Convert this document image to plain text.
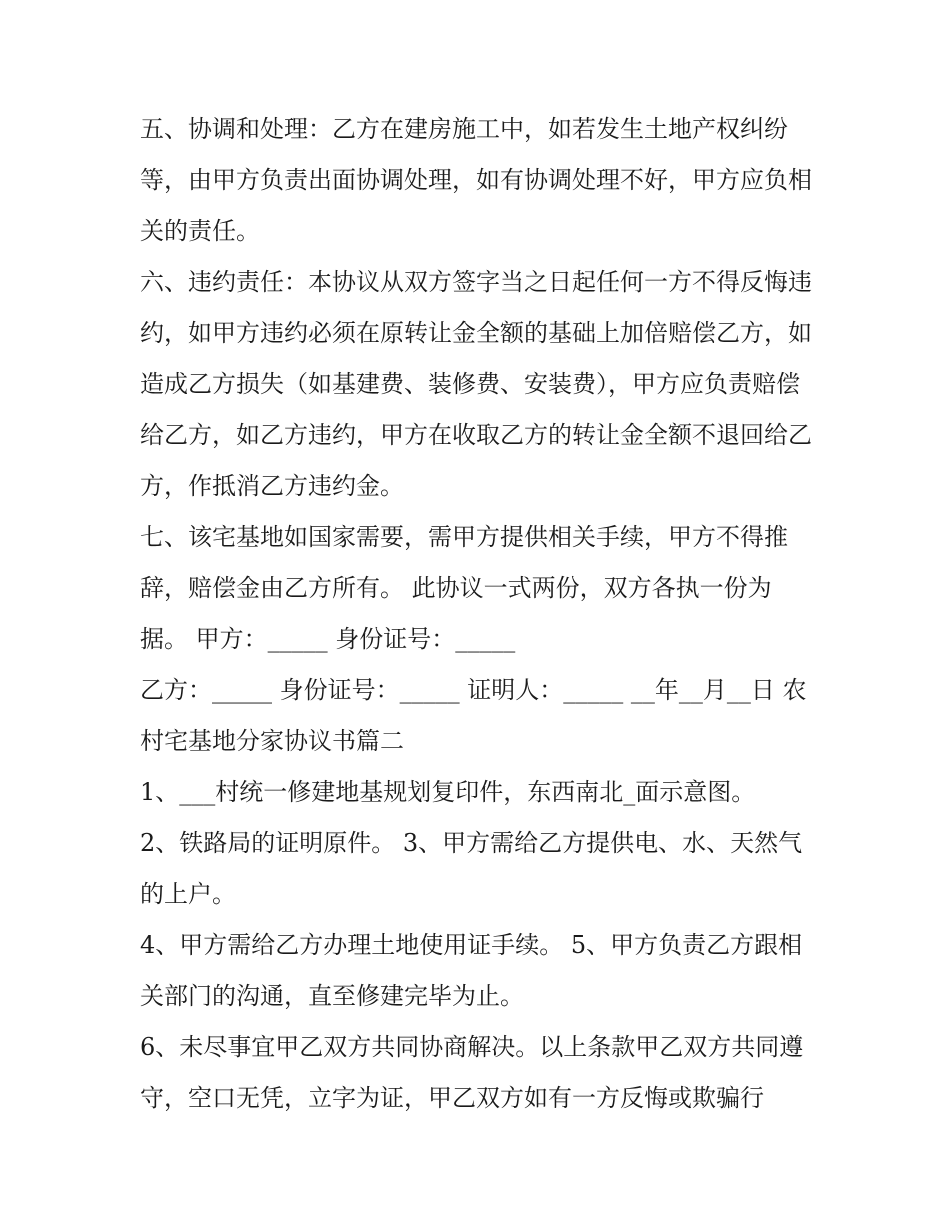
五、协调和处理：乙方在建房施工中，如若发生土地产权纠纷等，由甲方负责出面协调处理，如有协调处理不好，甲方应负相关的责任。

六、违约责任：本协议从双方签字当之日起任何一方不得反悔违约，如甲方违约必须在原转让金全额的基础上加倍赔偿乙方，如造成乙方损失（如基建费、装修费、安装费），甲方应负责赔偿给乙方，如乙方违约，甲方在收取乙方的转让金全额不退回给乙方，作抵消乙方违约金。

七、该宅基地如国家需要，需甲方提供相关手续，甲方不得推辞，赔偿金由乙方所有。 此协议一式两份，双方各执一份为据。 甲方：_____ 身份证号：_____

乙方：_____ 身份证号：_____ 证明人：_____ __年__月__日 农村宅基地分家协议书篇二

1、___村统一修建地基规划复印件，东西南北_面示意图。

2、铁路局的证明原件。 3、甲方需给乙方提供电、水、天然气的上户。

4、甲方需给乙方办理土地使用证手续。 5、甲方负责乙方跟相关部门的沟通，直至修建完毕为止。

6、未尽事宜甲乙双方共同协商解决。以上条款甲乙双方共同遵守，空口无凭，立字为证，甲乙双方如有一方反悔或欺骗行
